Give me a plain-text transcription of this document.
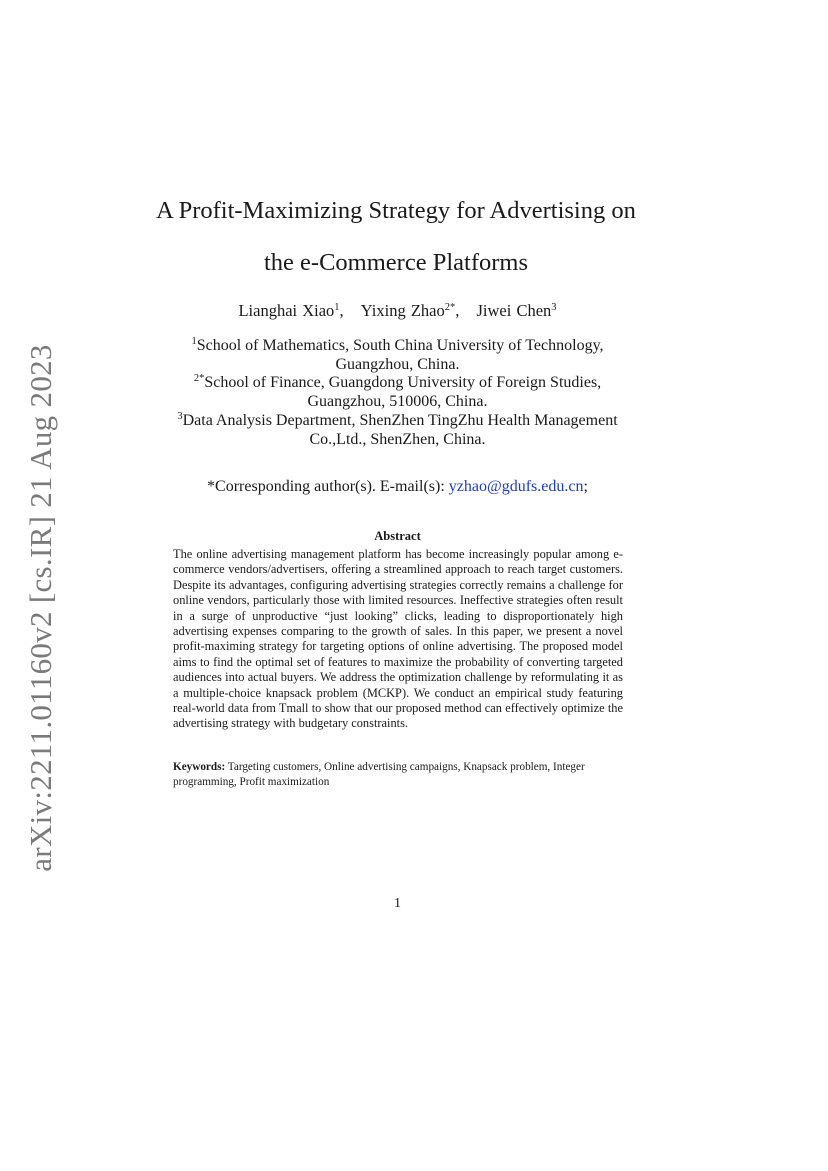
arXiv:2211.01160v2 [cs.IR] 21 Aug 2023
A Profit-Maximizing Strategy for Advertising on
the e-Commerce Platforms
Lianghai Xiao$^1$, Yixing Zhao$^{2*}$, Jiwei Chen$^3$
$^1$School of Mathematics, South China University of Technology,
Guangzhou, China.
$^{2*}$School of Finance, Guangdong University of Foreign Studies,
Guangzhou, 510006, China.
$^3$Data Analysis Department, ShenZhen TingZhu Health Management
Co.,Ltd., ShenZhen, China.
*Corresponding author(s). E-mail(s): yzhao@gdufs.edu.cn;
Abstract
The online advertising management platform has become increasingly popular among e-commerce vendors/advertisers, offering a streamlined approach to reach target customers. Despite its advantages, configuring advertising strategies correctly remains a challenge for online vendors, particularly those with limited resources. Ineffective strategies often result in a surge of unproductive “just looking” clicks, leading to disproportionately high advertising expenses comparing to the growth of sales. In this paper, we present a novel profit-maximing strategy for targeting options of online advertising. The proposed model aims to find the optimal set of features to maximize the probability of converting targeted audiences into actual buyers. We address the optimization challenge by reformulating it as a multiple-choice knapsack problem (MCKP). We conduct an empirical study featuring real-world data from Tmall to show that our proposed method can effectively optimize the advertising strategy with budgetary constraints.
Keywords: Targeting customers, Online advertising campaigns, Knapsack problem, Integer programming, Profit maximization
1
